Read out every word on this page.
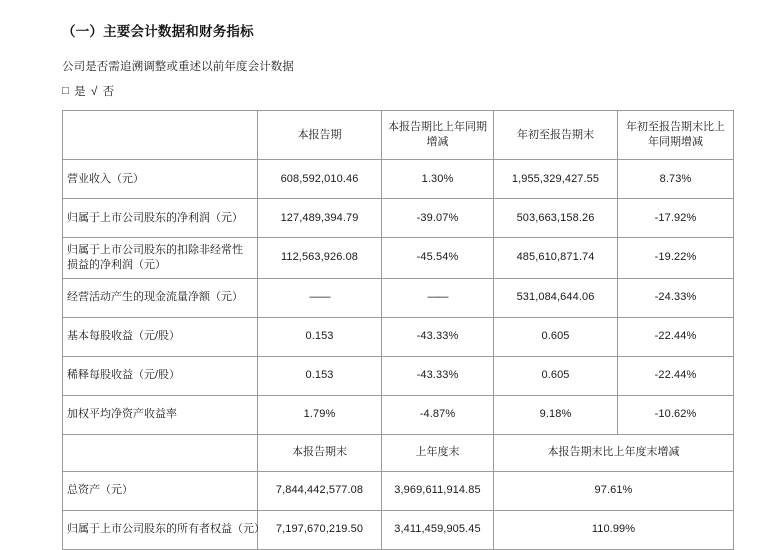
（一）主要会计数据和财务指标

公司是否需追溯调整或重述以前年度会计数据

□ 是 √ 否
	本报告期	本报告期比上年同期增减	年初至报告期末	年初至报告期末比上年同期增减
营业收入（元）	608,592,010.46	1.30%	1,955,329,427.55	8.73%
归属于上市公司股东的净利润（元）	127,489,394.79	-39.07%	503,663,158.26	-17.92%
归属于上市公司股东的扣除非经常性损益的净利润（元）	112,563,926.08	-45.54%	485,610,871.74	-19.22%
经营活动产生的现金流量净额（元）	——	——	531,084,644.06	-24.33%
基本每股收益（元/股）	0.153	-43.33%	0.605	-22.44%
稀释每股收益（元/股）	0.153	-43.33%	0.605	-22.44%
加权平均净资产收益率	1.79%	-4.87%	9.18%	-10.62%
	本报告期末	上年度末	本报告期末比上年度末增减	
总资产（元）	7,844,442,577.08	3,969,611,914.85	97.61%	
归属于上市公司股东的所有者权益（元）	7,197,670,219.50	3,411,459,905.45	110.99%	
